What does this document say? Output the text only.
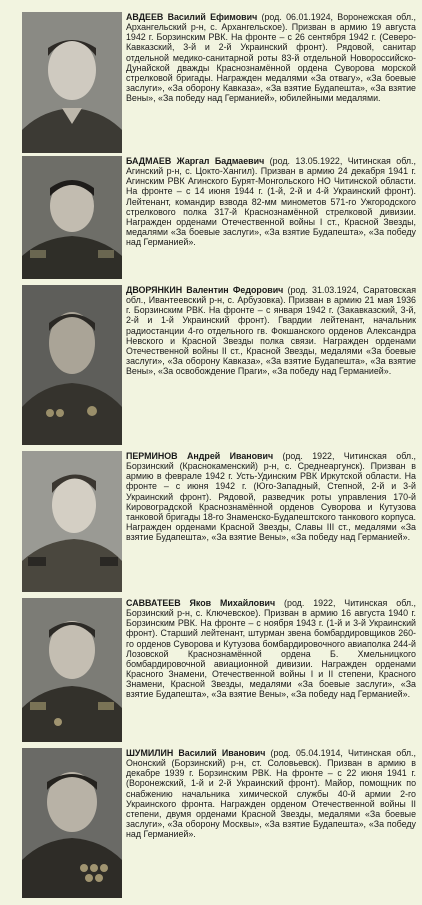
АВДЕЕВ Василий Ефимович (род. 06.01.1924, Воронежская обл., Архангельский р-н, с. Архангельское). Призван в армию 19 августа 1942 г. Борзинским РВК. На фронте – с 26 сентября 1942 г. (Северо-Кавказский, 3-й и 2-й Украинский фронт). Рядовой, санитар отдельной медико-санитарной роты 83-й отдельной Новороссийско-Дунайской дважды Краснознамённой ордена Суворова морской стрелковой бригады. Награжден медалями «За отвагу», «За боевые заслуги», «За оборону Кавказа», «За взятие Будапешта», «За взятие Вены», «За победу над Германией», юбилейными медалями.

БАДМАЕВ Жаргал Бадмаевич (род. 13.05.1922, Читинская обл., Агинский р-н, с. Цокто-Хангил). Призван в армию 24 декабря 1941 г. Агинским РВК Агинского Бурят-Монгольского НО Читинской области. На фронте – с 14 июня 1944 г. (1-й, 2-й и 4-й Украинский фронт). Лейтенант, командир взвода 82-мм минометов 571-го Ужгородского стрелкового полка 317-й Краснознамённой стрелковой дивизии. Награжден орденами Отечественной войны I ст., Красной Звезды, медалями «За боевые заслуги», «За взятие Будапешта», «За победу над Германией».

ДВОРЯНКИН Валентин Федорович (род. 31.03.1924, Саратовская обл., Ивантеевский р-н, с. Арбузовка). Призван в армию 21 мая 1936 г. Борзинским РВК. На фронте – с января 1942 г. (Закавказский, 3-й, 2-й и 1-й Украинский фронт). Гвардии лейтенант, начальник радиостанции 4-го отдельного гв. Фокшанского орденов Александра Невского и Красной Звезды полка связи. Награжден орденами Отечественной войны II ст., Красной Звезды, медалями «За боевые заслуги», «За оборону Кавказа», «За взятие Будапешта», «За взятие Вены», «За освобождение Праги», «За победу над Германией».

ПЕРМИНОВ Андрей Иванович (род. 1922, Читинская обл., Борзинский (Краснокаменский) р-н, с. Среднеаргунск). Призван в армию в феврале 1942 г. Усть-Удинским РВК Иркутской области. На фронте – с июня 1942 г. (Юго-Западный, Степной, 2-й и 3-й Украинский фронт). Рядовой, разведчик роты управления 170-й Кировоградской Краснознамённой орденов Суворова и Кутузова танковой бригады 18-го Знаменско-Будапештского танкового корпуса. Награжден орденами Красной Звезды, Славы III ст., медалями «За взятие Будапешта», «За взятие Вены», «За победу над Германией».

САВВАТЕЕВ Яков Михайлович (род. 1922, Читинская обл., Борзинский р-н, с. Ключевское). Призван в армию 16 августа 1940 г. Борзинским РВК. На фронте – с ноября 1943 г. (1-й и 3-й Украинский фронт). Старший лейтенант, штурман звена бомбардировщиков 260-го орденов Суворова и Кутузова бомбардировочного авиаполка 244-й Лозовской Краснознамённой ордена Б. Хмельницкого бомбардировочной авиационной дивизии. Награжден орденами Красного Знамени, Отечественной войны I и II степени, Красного Знамени, Красной Звезды, медалями «За боевые заслуги», «За взятие Будапешта», «За взятие Вены», «За победу над Германией».

ШУМИЛИН Василий Иванович (род. 05.04.1914, Читинская обл., Ононский (Борзинский) р-н, ст. Соловьевск). Призван в армию в декабре 1939 г. Борзинским РВК. На фронте – с 22 июня 1941 г. (Воронежский, 1-й и 2-й Украинский фронт). Майор, помощник по снабжению начальника химической службы 40-й армии 2-го Украинского фронта. Награжден орденом Отечественной войны II степени, двумя орденами Красной Звезды, медалями «За боевые заслуги», «За оборону Москвы», «За взятие Будапешта», «За победу над Германией».
